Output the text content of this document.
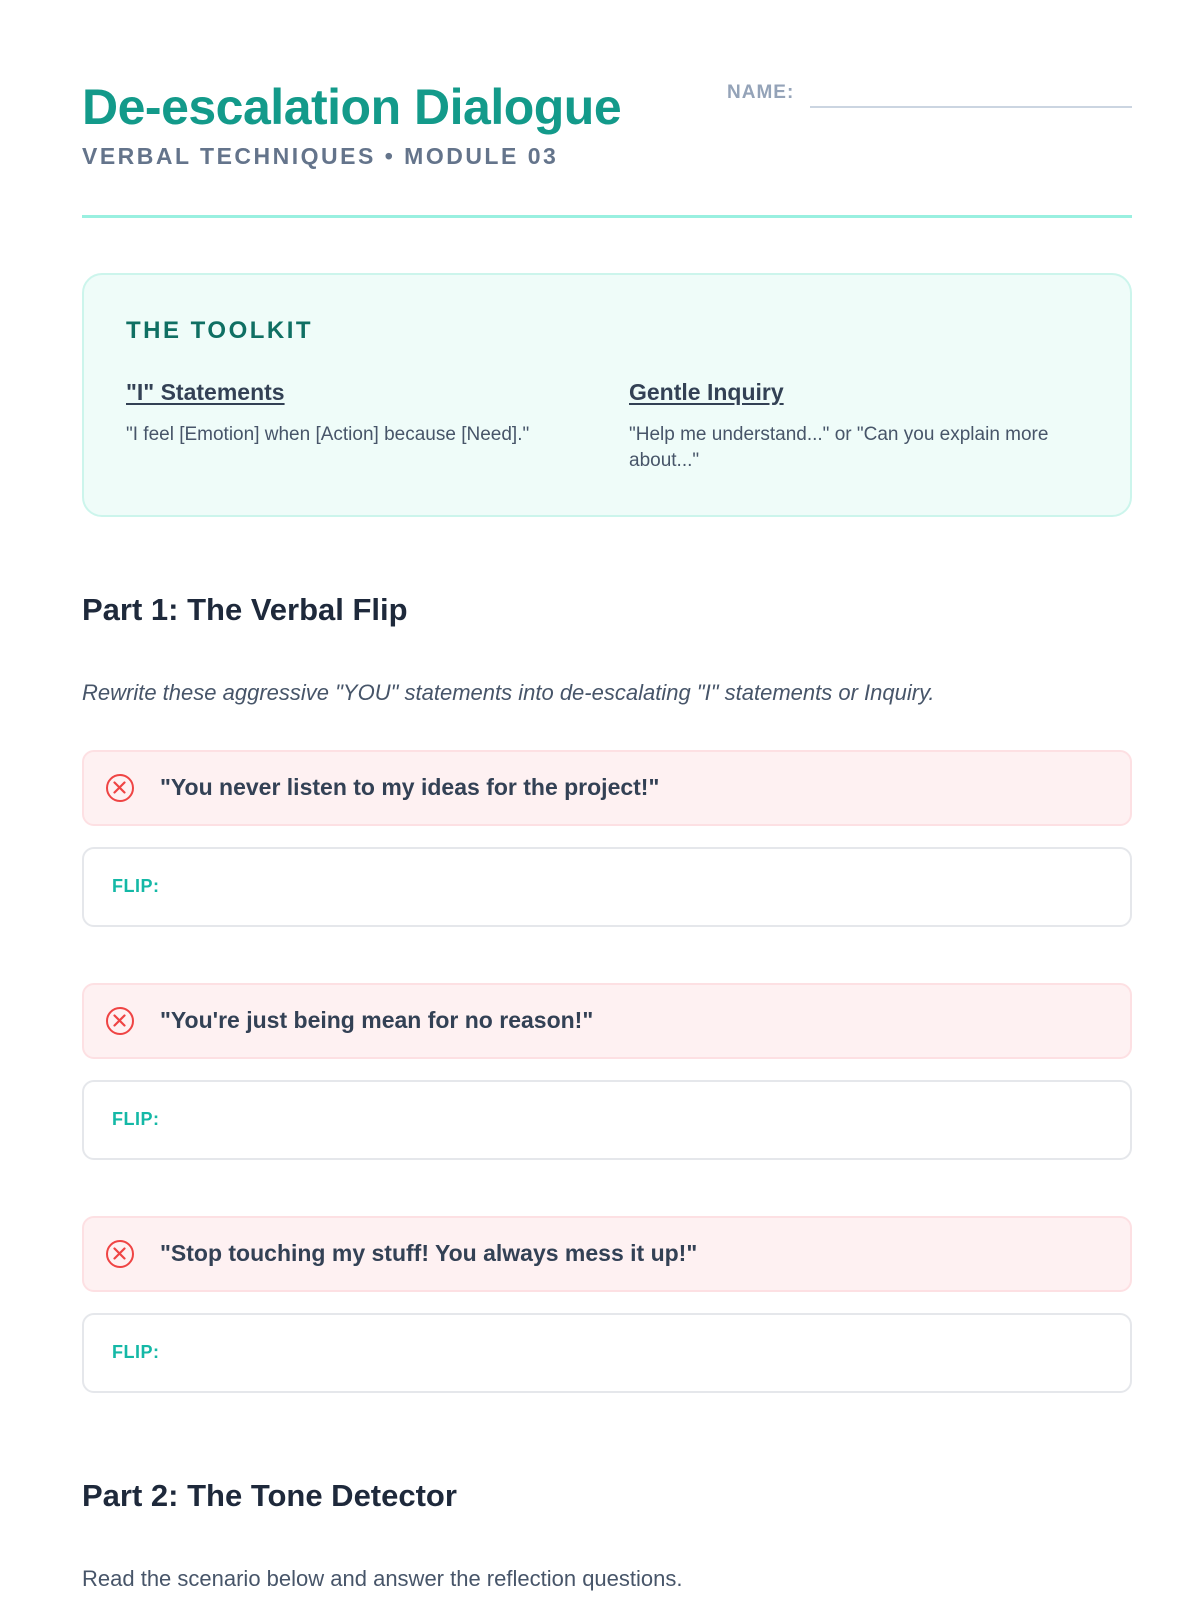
De-escalation Dialogue

VERBAL TECHNIQUES • MODULE 03

NAME:
THE TOOLKIT

"I" Statements

"I feel [Emotion] when [Action] because [Need]."

Gentle Inquiry

"Help me understand..." or "Can you explain more about..."

Part 1: The Verbal Flip

Rewrite these aggressive "YOU" statements into de-escalating "I" statements or Inquiry.

"You never listen to my ideas for the project!"
FLIP:
"You're just being mean for no reason!"
FLIP:
"Stop touching my stuff! You always mess it up!"
FLIP:
Part 2: The Tone Detector

Read the scenario below and answer the reflection questions.
